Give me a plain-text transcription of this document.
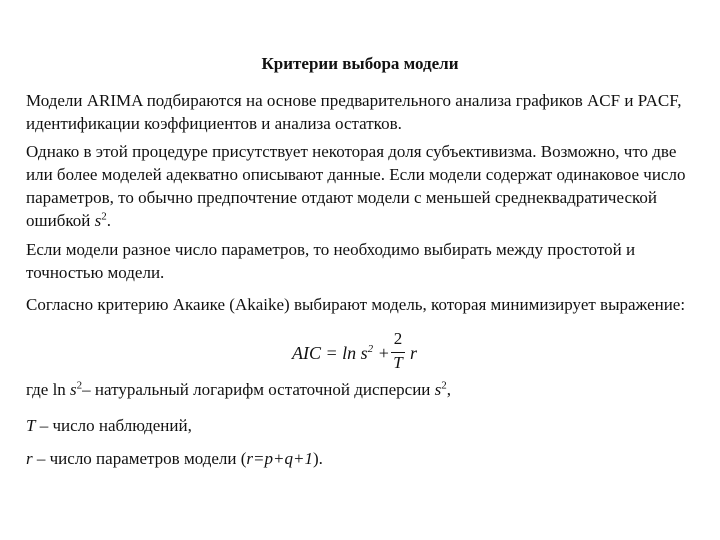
Критерии выбора модели

Модели ARIMA подбираются на основе предварительного анализа графиков ACF и PACF, идентификации коэффициентов и анализа остатков.

Однако в этой процедуре присутствует некоторая доля субъективизма. Возможно, что две или более моделей адекватно описывают данные. Если модели содержат одинаковое число параметров, то обычно предпочтение отдают модели с меньшей среднеквадратической ошибкой $s^2$.

Если модели разное число параметров, то необходимо выбирать между простотой и точностью модели.

Согласно критерию Акаике (Akaike) выбирают модель, которая минимизирует выражение:

AIC = $\ln s^2$ +
2
T r

где $\ln s^2-$ натуральный логарифм остаточной дисперсии $s^2$,

T – число наблюдений,

r – число параметров модели (r=p+q+1).
